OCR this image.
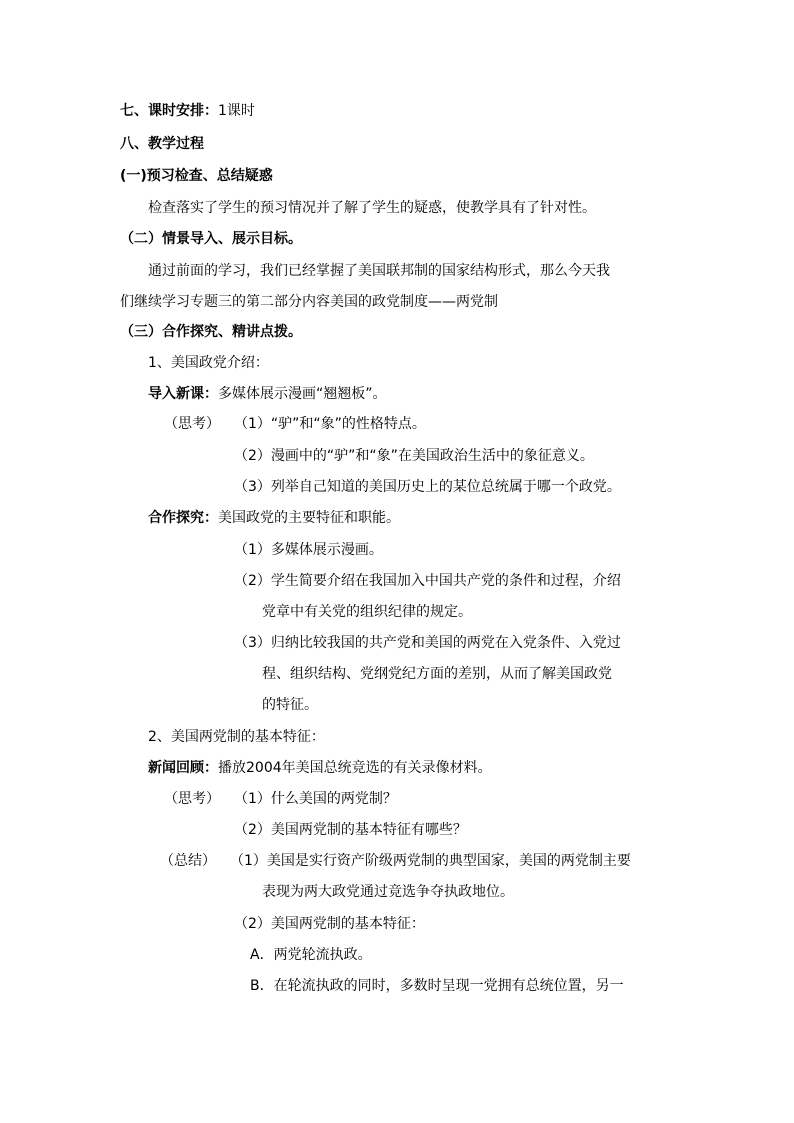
七、课时安排：1课时

八、教学过程

(一)预习检查、总结疑惑

检查落实了学生的预习情况并了解了学生的疑惑，使教学具有了针对性。

（二）情景导入、展示目标。

通过前面的学习，我们已经掌握了美国联邦制的国家结构形式，那么今天我

们继续学习专题三的第二部分内容美国的政党制度——两党制

（三）合作探究、精讲点拨。

1、美国政党介绍：

导入新课：多媒体展示漫画“翘翘板”。

（思考） （1）“驴”和“象”的性格特点。

（2）漫画中的“驴”和“象”在美国政治生活中的象征意义。

（3）列举自己知道的美国历史上的某位总统属于哪一个政党。

合作探究：美国政党的主要特征和职能。

（1）多媒体展示漫画。

（2）学生简要介绍在我国加入中国共产党的条件和过程，介绍

党章中有关党的组织纪律的规定。

（3）归纳比较我国的共产党和美国的两党在入党条件、入党过

程、组织结构、党纲党纪方面的差别，从而了解美国政党

的特征。

2、美国两党制的基本特征：

新闻回顾：播放2004年美国总统竞选的有关录像材料。

（思考） （1）什么美国的两党制？

（2）美国两党制的基本特征有哪些？

（总结） （1）美国是实行资产阶级两党制的典型国家，美国的两党制主要

表现为两大政党通过竞选争夺执政地位。

（2）美国两党制的基本特征：

A．两党轮流执政。

B．在轮流执政的同时，多数时呈现一党拥有总统位置，另一
